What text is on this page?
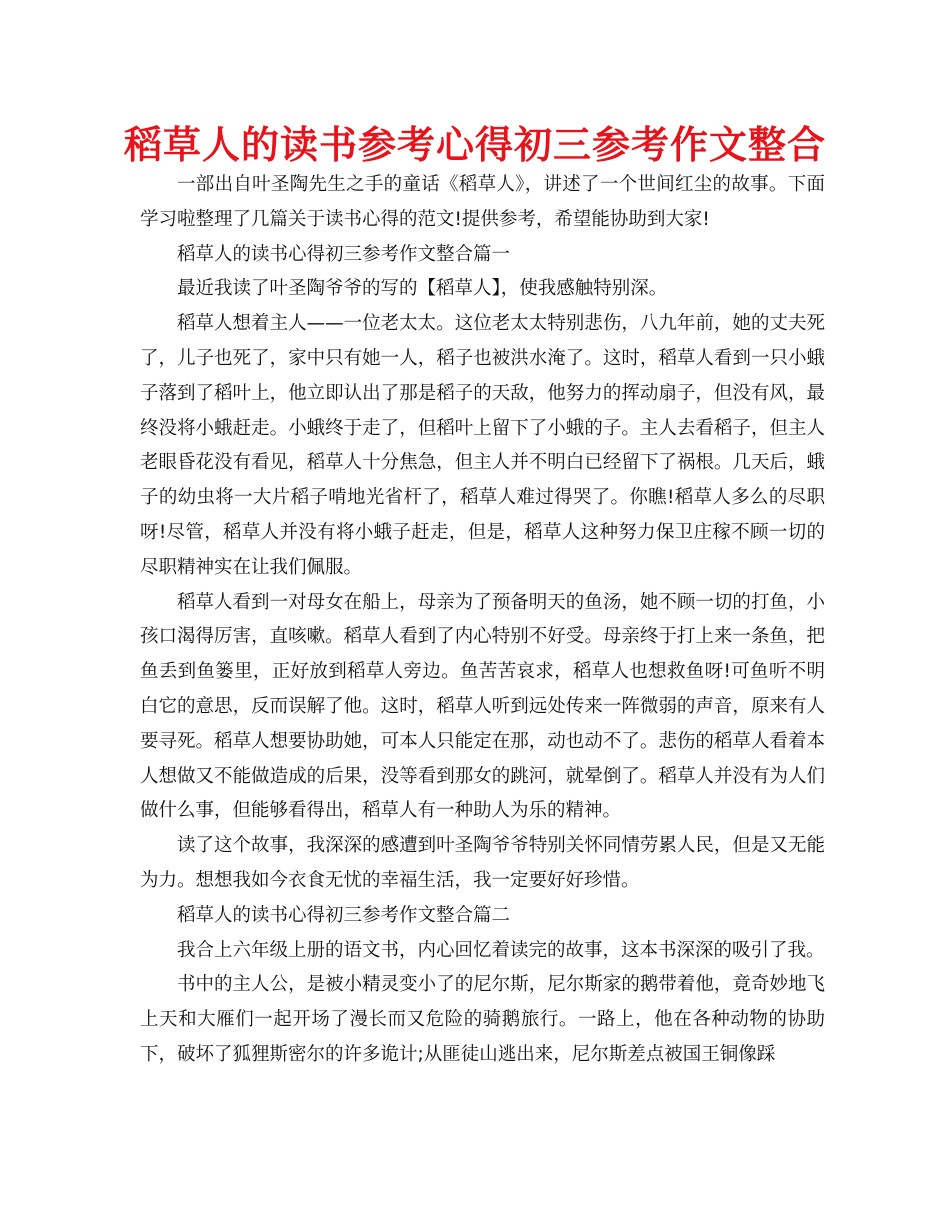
稻草人的读书参考心得初三参考作文整合

一部出自叶圣陶先生之手的童话《稻草人》，讲述了一个世间红尘的故事。下面学习啦整理了几篇关于读书心得的范文!提供参考，希望能协助到大家!

稻草人的读书心得初三参考作文整合篇一

最近我读了叶圣陶爷爷的写的【稻草人】，使我感触特别深。

稻草人想着主人——一位老太太。这位老太太特别悲伤，八九年前，她的丈夫死了，儿子也死了，家中只有她一人，稻子也被洪水淹了。这时，稻草人看到一只小蛾子落到了稻叶上，他立即认出了那是稻子的天敌，他努力的挥动扇子，但没有风，最终没将小蛾赶走。小蛾终于走了，但稻叶上留下了小蛾的子。主人去看稻子，但主人老眼昏花没有看见，稻草人十分焦急，但主人并不明白已经留下了祸根。几天后，蛾子的幼虫将一大片稻子啃地光省杆了，稻草人难过得哭了。你瞧!稻草人多么的尽职呀!尽管，稻草人并没有将小蛾子赶走，但是，稻草人这种努力保卫庄稼不顾一切的尽职精神实在让我们佩服。

稻草人看到一对母女在船上，母亲为了预备明天的鱼汤，她不顾一切的打鱼，小孩口渴得厉害，直咳嗽。稻草人看到了内心特别不好受。母亲终于打上来一条鱼，把鱼丢到鱼篓里，正好放到稻草人旁边。鱼苦苦哀求，稻草人也想救鱼呀!可鱼听不明白它的意思，反而误解了他。这时，稻草人听到远处传来一阵微弱的声音，原来有人要寻死。稻草人想要协助她，可本人只能定在那，动也动不了。悲伤的稻草人看着本人想做又不能做造成的后果，没等看到那女的跳河，就晕倒了。稻草人并没有为人们做什么事，但能够看得出，稻草人有一种助人为乐的精神。

读了这个故事，我深深的感遭到叶圣陶爷爷特别关怀同情劳累人民，但是又无能为力。想想我如今衣食无忧的幸福生活，我一定要好好珍惜。

稻草人的读书心得初三参考作文整合篇二

我合上六年级上册的语文书，内心回忆着读完的故事，这本书深深的吸引了我。

书中的主人公，是被小精灵变小了的尼尔斯，尼尔斯家的鹅带着他，竟奇妙地飞上天和大雁们一起开场了漫长而又危险的骑鹅旅行。一路上，他在各种动物的协助下，破坏了狐狸斯密尔的许多诡计;从匪徒山逃出来，尼尔斯差点被国王铜像踩
